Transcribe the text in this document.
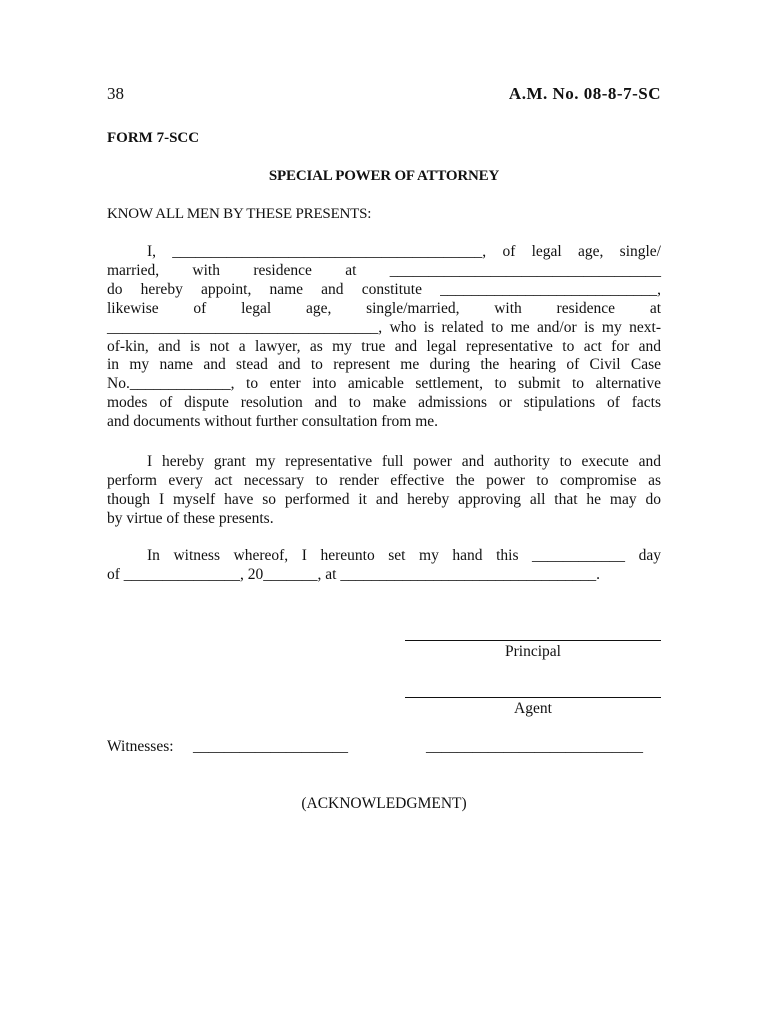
38	A.M. No. 08-8-7-SC
FORM 7-SCC
SPECIAL POWER OF ATTORNEY
KNOW ALL MEN BY THESE PRESENTS:
I, ________________________________________, of legal age, single/
married, with residence at ___________________________________
do hereby appoint, name and constitute ____________________________,
likewise of legal age, single/married, with residence at
___________________________________, who is related to me and/or is my next-
of-kin, and is not a lawyer, as my true and legal representative to act for and
in my name and stead and to represent me during the hearing of Civil Case
No._____________, to enter into amicable settlement, to submit to alternative
modes of dispute resolution and to make admissions or stipulations of facts
and documents without further consultation from me.
I hereby grant my representative full power and authority to execute and
perform every act necessary to render effective the power to compromise as
though I myself have so performed it and hereby approving all that he may do
by virtue of these presents.
In witness whereof, I hereunto set my hand this ____________ day
of _______________, 20_______, at _________________________________.
Principal
Agent
Witnesses: ____________________	____________________________
(ACKNOWLEDGMENT)
